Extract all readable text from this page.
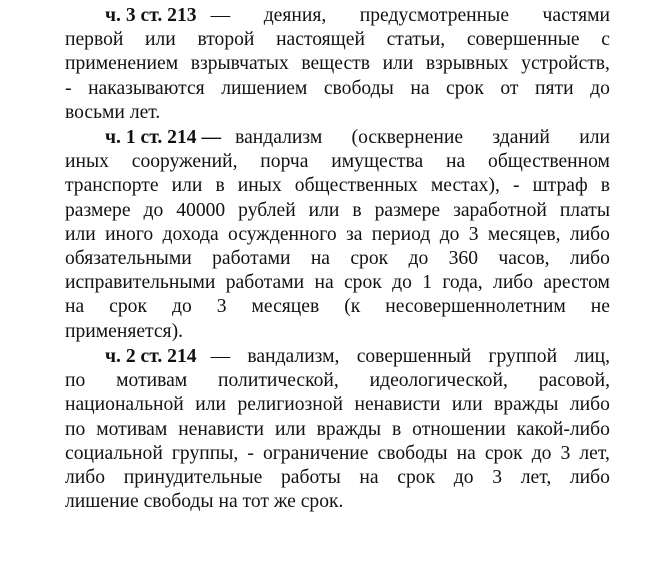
ч. 3 ст. 213 — деяния, предусмотренные частями
первой или второй настоящей статьи, совершенные с
применением взрывчатых веществ или взрывных устройств,
- наказываются лишением свободы на срок от пяти до
восьми лет.
ч. 1 ст. 214 — вандализм (осквернение зданий или
иных сооружений, порча имущества на общественном
транспорте или в иных общественных местах), - штраф в
размере до 40000 рублей или в размере заработной платы
или иного дохода осужденного за период до 3 месяцев, либо
обязательными работами на срок до 360 часов, либо
исправительными работами на срок до 1 года, либо арестом
на срок до 3 месяцев (к несовершеннолетним не
применяется).
ч. 2 ст. 214 — вандализм, совершенный группой лиц,
по мотивам политической, идеологической, расовой,
национальной или религиозной ненависти или вражды либо
по мотивам ненависти или вражды в отношении какой-либо
социальной группы, - ограничение свободы на срок до 3 лет,
либо принудительные работы на срок до 3 лет, либо
лишение свободы на тот же срок.
